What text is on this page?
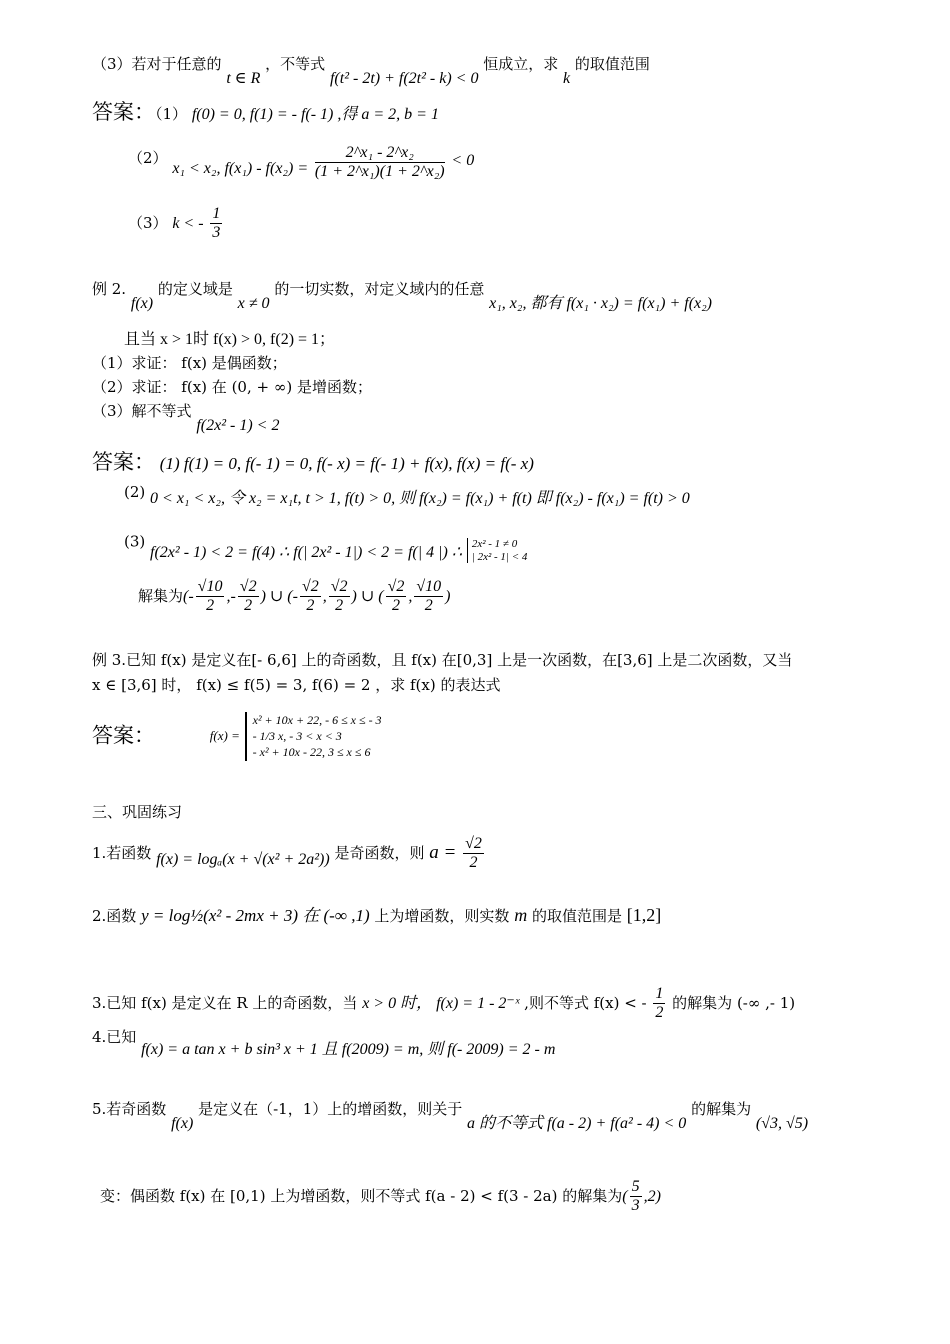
（3）若对于任意的 t ∈ R ，不等式 f(t² - 2t) + f(2t² - k) < 0 恒成立，求 k 的取值范围
答案：（1） f(0) = 0, f(1) = - f(- 1) ,得 a = 2, b = 1
（2） x₁ < x₂, $f(x_1) - f(x_2) = \frac{\text{2\textasciicircum{}x₁ - 2\textasciicircum{}x₂}}{\text{(1 + 2\textasciicircum{}x₁)(1 + 2\textasciicircum{}x₂)}} < 0$
（3） k < - $\frac{1}{3}$
例 2. f(x) 的定义域是 x ≠ 0 的一切实数，对定义域内的任意 x₁, x₂, 都有 f(x₁ · x₂) = f(x₁) + f(x₂)
且当 x > 1时 f(x) > 0, f(2) = 1；
（1）求证： f(x) 是偶函数；
（2）求证： f(x) 在 (0, + ∞) 是增函数；
（3）解不等式 f(2x² - 1) < 2
答案： (1) f(1) = 0, f(- 1) = 0, f(- x) = f(- 1) + f(x), f(x) = f(- x)
(2) 0 < x₁ < x₂, 令 x₂ = x₁t, t > 1, f(t) > 0, 则 f(x₂) = f(x₁) + f(t) 即 f(x₂) - f(x₁) = f(t) > 0
(3) f(2x² - 1) < 2 = f(4) ∴ f(| 2x² - 1|) < 2 = f(| 4 |) ∴ 2x² - 1 ≠ 0
| 2x² - 1| < 4
解集为(- $\frac{√10}{2}$ ,- $\frac{√2}{2}$ ) ∪ (- $\frac{√2}{2}$ , $\frac{√2}{2}$ ) ∪ ( $\frac{√2}{2}$ , $\frac{√10}{2}$ )
例 3.已知 f(x) 是定义在[- 6,6] 上的奇函数，且 f(x) 在[0,3] 上是一次函数，在[3,6] 上是二次函数，又当
x ∈ [3,6] 时， f(x) ≤ f(5) = 3, f(6) = 2 ，求 f(x) 的表达式
答案：	f(x) =
x² + 10x + 22, - 6 ≤ x ≤ - 3
- 1/3 x, - 3 < x < 3
- x² + 10x - 22, 3 ≤ x ≤ 6
三、巩固练习
1.若函数 f(x) = logₐ(x + √(x² + 2a²)) 是奇函数，则 $a = \frac{√2}{2}$
2.函数 y = log½(x² - 2mx + 3) 在 (-∞ ,1) 上为增函数，则实数 m 的取值范围是 [1,2]
3.已知 f(x) 是定义在 R 上的奇函数，当 x > 0 时， f(x) = 1 - 2⁻ˣ ,则不等式 f(x) < - $\frac{1}{2}$ 的解集为 (-∞ ,- 1)
4.已知 f(x) = a tan x + b sin³ x + 1 且 f(2009) = m, 则 f(- 2009) = 2 - m
5.若奇函数 f(x) 是定义在（-1，1）上的增函数，则关于 a 的不等式 f(a - 2) + f(a² - 4) < 0 的解集为 (√3, √5)
变：偶函数 f(x) 在 [0,1) 上为增函数，则不等式 f(a - 2) < f(3 - 2a) 的解集为( $\frac{5}{3} ,2$)
